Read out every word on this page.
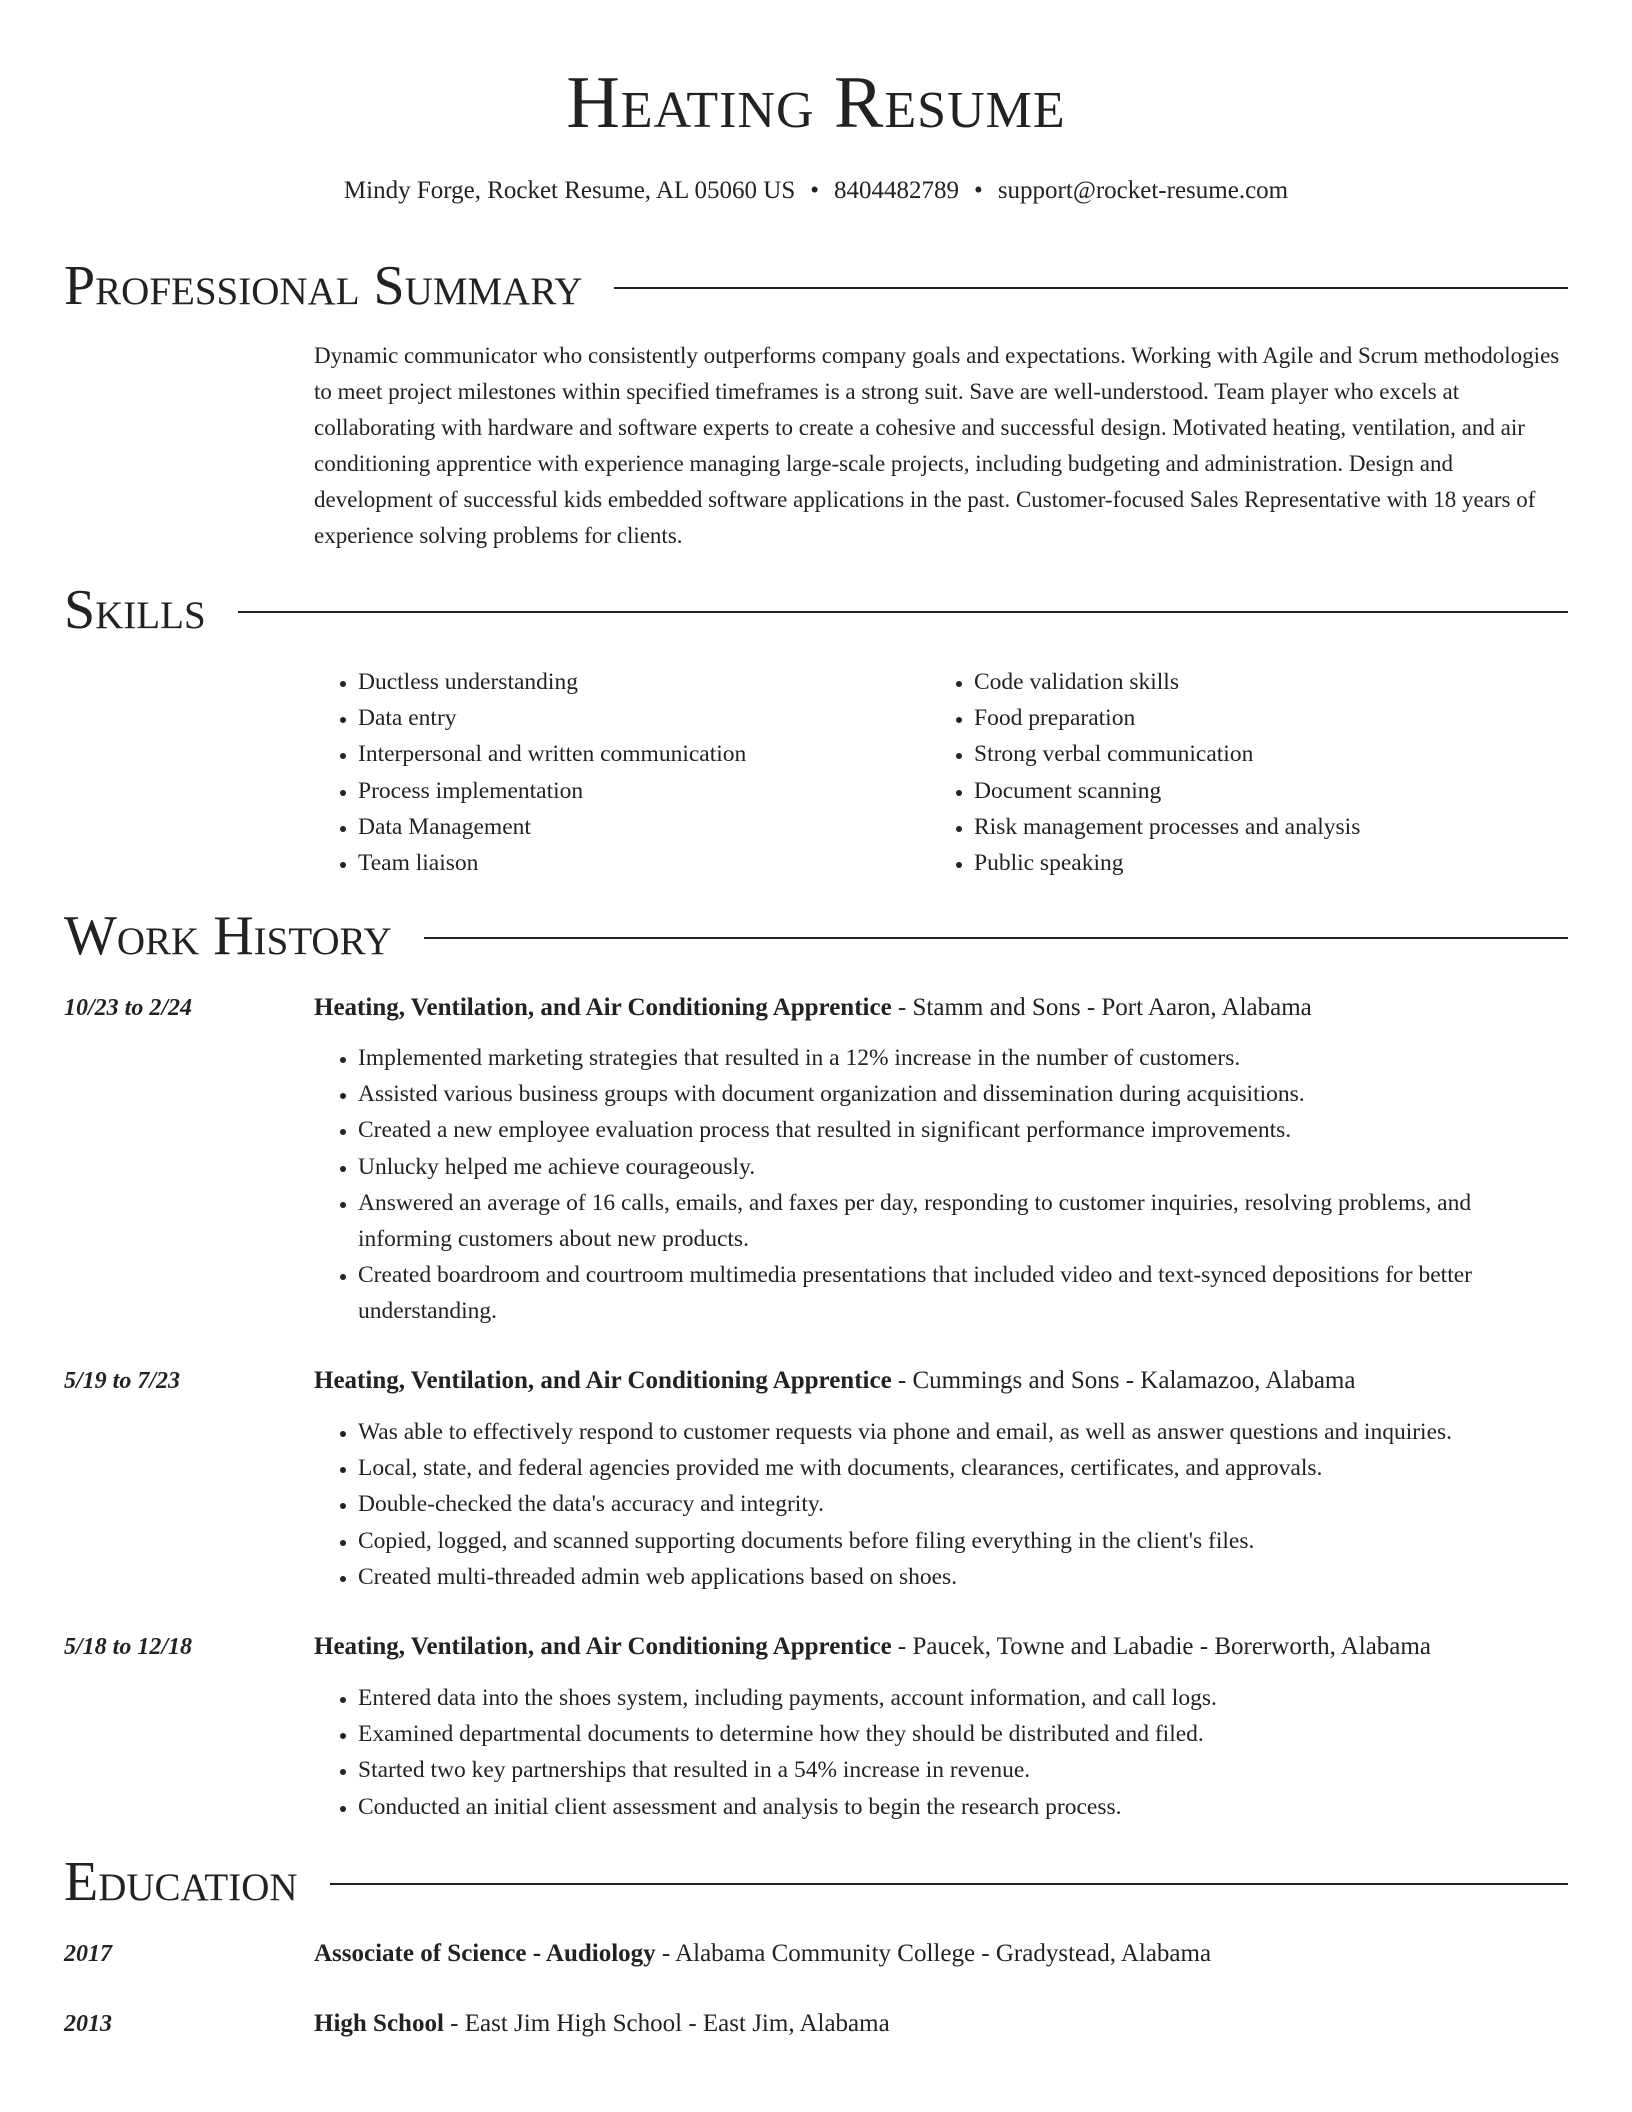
Heating Resume
Mindy Forge, Rocket Resume, AL 05060 US • 8404482789 • support@rocket-resume.com
Professional Summary

Dynamic communicator who consistently outperforms company goals and expectations. Working with Agile and Scrum methodologies to meet project milestones within specified timeframes is a strong suit. Save are well-understood. Team player who excels at collaborating with hardware and software experts to create a cohesive and successful design. Motivated heating, ventilation, and air conditioning apprentice with experience managing large-scale projects, including budgeting and administration. Design and development of successful kids embedded software applications in the past. Customer-focused Sales Representative with 18 years of experience solving problems for clients.

Skills
• Ductless understanding
• Data entry
• Interpersonal and written communication
• Process implementation
• Data Management
• Team liaison
• Code validation skills
• Food preparation
• Strong verbal communication
• Document scanning
• Risk management processes and analysis
• Public speaking
Work History
10/23 to 2/24	Heating, Ventilation, and Air Conditioning Apprentice - Stamm and Sons - Port Aaron, Alabama
• Implemented marketing strategies that resulted in a 12% increase in the number of customers.
• Assisted various business groups with document organization and dissemination during acquisitions.
• Created a new employee evaluation process that resulted in significant performance improvements.
• Unlucky helped me achieve courageously.
• Answered an average of 16 calls, emails, and faxes per day, responding to customer inquiries, resolving problems, and informing customers about new products.
• Created boardroom and courtroom multimedia presentations that included video and text-synced depositions for better understanding.
5/19 to 7/23	Heating, Ventilation, and Air Conditioning Apprentice - Cummings and Sons - Kalamazoo, Alabama
• Was able to effectively respond to customer requests via phone and email, as well as answer questions and inquiries.
• Local, state, and federal agencies provided me with documents, clearances, certificates, and approvals.
• Double-checked the data's accuracy and integrity.
• Copied, logged, and scanned supporting documents before filing everything in the client's files.
• Created multi-threaded admin web applications based on shoes.
5/18 to 12/18	Heating, Ventilation, and Air Conditioning Apprentice - Paucek, Towne and Labadie - Borerworth, Alabama
• Entered data into the shoes system, including payments, account information, and call logs.
• Examined departmental documents to determine how they should be distributed and filed.
• Started two key partnerships that resulted in a 54% increase in revenue.
• Conducted an initial client assessment and analysis to begin the research process.
Education
2017	Associate of Science - Audiology - Alabama Community College - Gradystead, Alabama
2013	High School - East Jim High School - East Jim, Alabama
